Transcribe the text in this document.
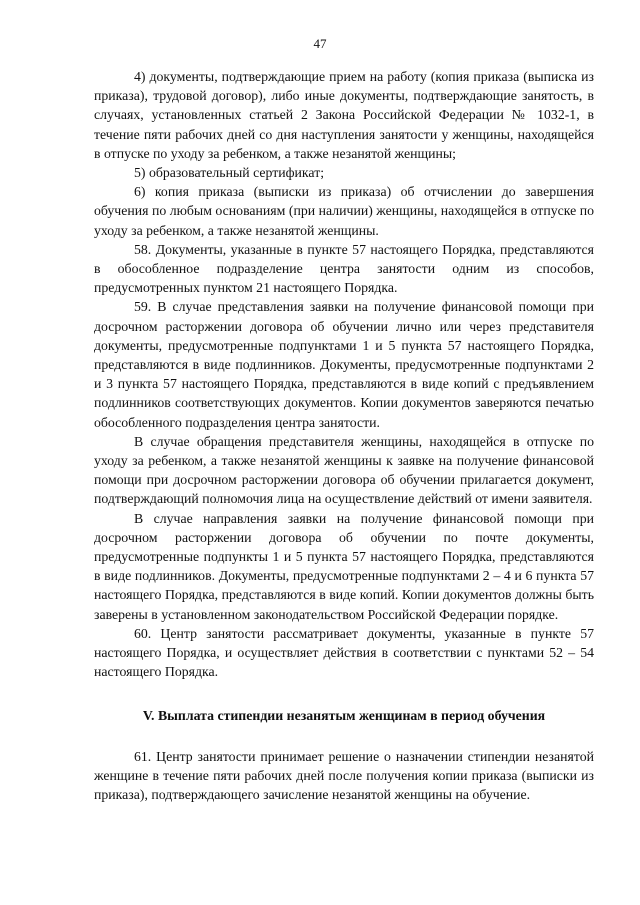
47

4) документы, подтверждающие прием на работу (копия приказа (выписка из приказа), трудовой договор), либо иные документы, подтверждающие занятость, в случаях, установленных статьей 2 Закона Российской Федерации № 1032-1, в течение пяти рабочих дней со дня наступления занятости у женщины, находящейся в отпуске по уходу за ребенком, а также незанятой женщины;

5) образовательный сертификат;

6) копия приказа (выписки из приказа) об отчислении до завершения обучения по любым основаниям (при наличии) женщины, находящейся в отпуске по уходу за ребенком, а также незанятой женщины.

58. Документы, указанные в пункте 57 настоящего Порядка, представляются в обособленное подразделение центра занятости одним из способов, предусмотренных пунктом 21 настоящего Порядка.

59. В случае представления заявки на получение финансовой помощи при досрочном расторжении договора об обучении лично или через представителя документы, предусмотренные подпунктами 1 и 5 пункта 57 настоящего Порядка, представляются в виде подлинников. Документы, предусмотренные подпунктами 2 и 3 пункта 57 настоящего Порядка, представляются в виде копий с предъявлением подлинников соответствующих документов. Копии документов заверяются печатью обособленного подразделения центра занятости.

В случае обращения представителя женщины, находящейся в отпуске по уходу за ребенком, а также незанятой женщины к заявке на получение финансовой помощи при досрочном расторжении договора об обучении прилагается документ, подтверждающий полномочия лица на осуществление действий от имени заявителя.

В случае направления заявки на получение финансовой помощи при досрочном расторжении договора об обучении по почте документы, предусмотренные подпункты 1 и 5 пункта 57 настоящего Порядка, представляются в виде подлинников. Документы, предусмотренные подпунктами 2 – 4 и 6 пункта 57 настоящего Порядка, представляются в виде копий. Копии документов должны быть заверены в установленном законодательством Российской Федерации порядке.

60. Центр занятости рассматривает документы, указанные в пункте 57 настоящего Порядка, и осуществляет действия в соответствии с пунктами 52 – 54 настоящего Порядка.

V. Выплата стипендии незанятым женщинам в период обучения

61. Центр занятости принимает решение о назначении стипендии незанятой женщине в течение пяти рабочих дней после получения копии приказа (выписки из приказа), подтверждающего зачисление незанятой женщины на обучение.
